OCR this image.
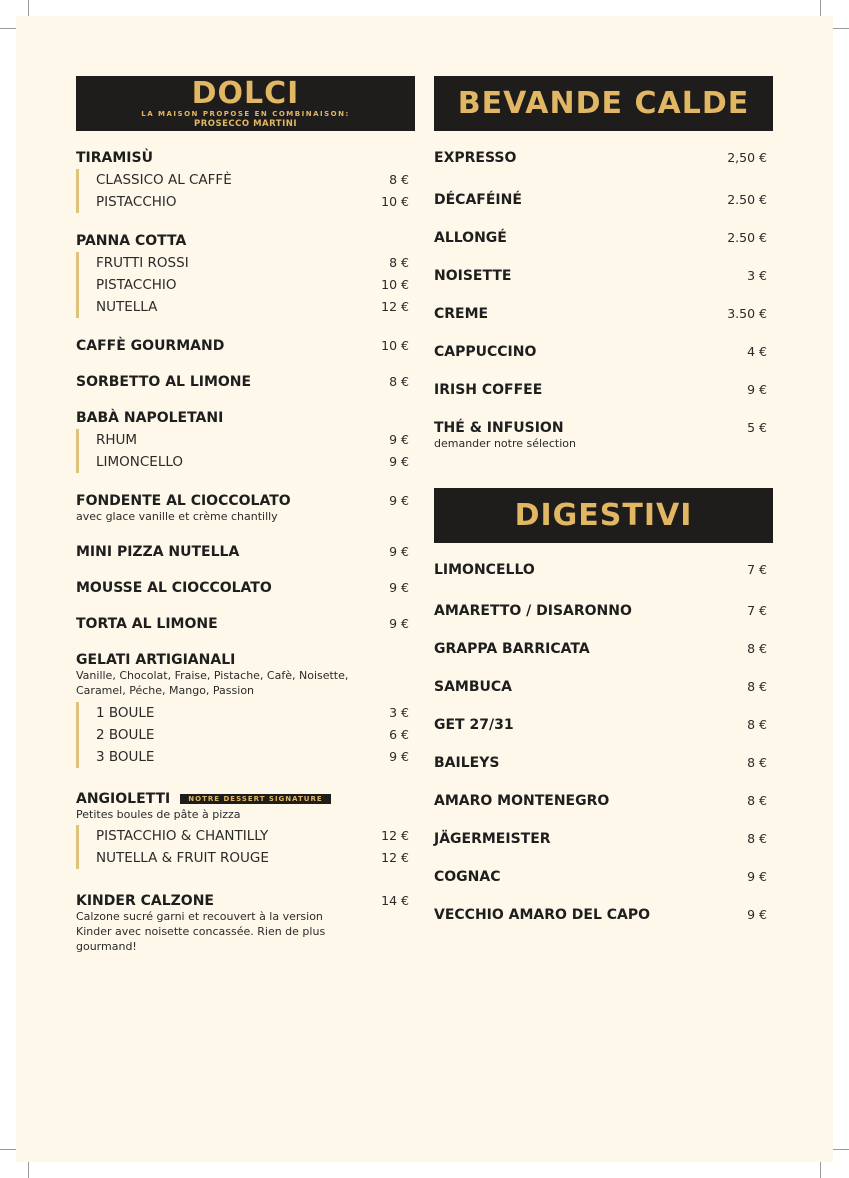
DOLCI
LA MAISON PROPOSE EN COMBINAISON:
PROSECCO MARTINI
TIRAMISÙ
CLASSICO AL CAFFÈ	8 €
PISTACCHIO	10 €
PANNA COTTA
FRUTTI ROSSI	8 €
PISTACCHIO	10 €
NUTELLA	12 €
CAFFÈ GOURMAND	10 €
SORBETTO AL LIMONE	8 €
BABÀ NAPOLETANI
RHUM	9 €
LIMONCELLO	9 €
FONDENTE AL CIOCCOLATO	9 €
avec glace vanille et crème chantilly
MINI PIZZA NUTELLA	9 €
MOUSSE AL CIOCCOLATO	9 €
TORTA AL LIMONE	9 €
GELATI ARTIGIANALI
Vanille, Chocolat, Fraise, Pistache, Cafè, Noisette, Caramel, Péche, Mango, Passion
1 BOULE	3 €
2 BOULE	6 €
3 BOULE	9 €
ANGIOLETTI	NOTRE DESSERT SIGNATURE
Petites boules de pâte à pizza
PISTACCHIO & CHANTILLY	12 €
NUTELLA & FRUIT ROUGE	12 €
KINDER CALZONE	14 €
Calzone sucré garni et recouvert à la version Kinder avec noisette concassée. Rien de plus gourmand!
BEVANDE CALDE
EXPRESSO	2,50 €
DÉCAFÉINÉ	2.50 €
ALLONGÉ	2.50 €
NOISETTE	3 €
CREME	3.50 €
CAPPUCCINO	4 €
IRISH COFFEE	9 €
THÉ & INFUSION	5 €
demander notre sélection
DIGESTIVI
LIMONCELLO	7 €
AMARETTO / DISARONNO	7 €
GRAPPA BARRICATA	8 €
SAMBUCA	8 €
GET 27/31	8 €
BAILEYS	8 €
AMARO MONTENEGRO	8 €
JÄGERMEISTER	8 €
COGNAC	9 €
VECCHIO AMARO DEL CAPO	9 €
